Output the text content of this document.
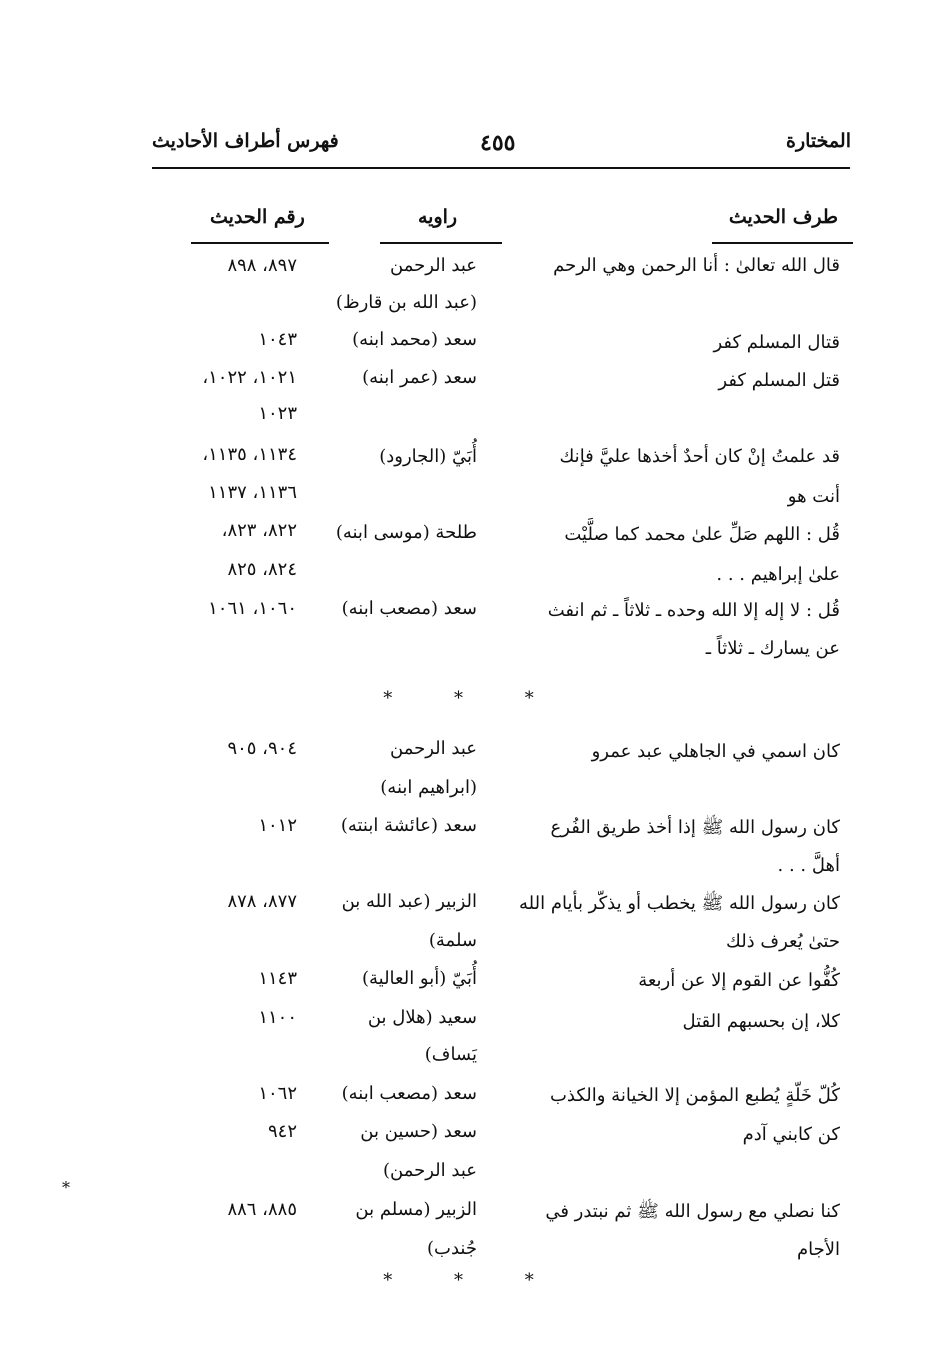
المختارة
٤٥٥
فهرس أطراف الأحاديث
طرف الحديث
راويه
رقم الحديث
قال الله تعالىٰ : أنا الرحمن وهي الرحم
عبد الرحمن
(عبد الله بن قارظ)
٨٩٧، ٨٩٨
قتال المسلم كفر
سعد (محمد ابنه)
١٠٤٣
قتل المسلم كفر
سعد (عمر ابنه)
١٠٢١، ١٠٢٢،
١٠٢٣
قد علمتُ إنْ كان أحدٌ أخذها عليَّ فإنك
أنت هو
أُبَيّ (الجارود)
١١٣٤، ١١٣٥،
١١٣٦، ١١٣٧
قُل : اللهم صَلِّ علىٰ محمد كما صلَّيْت
علىٰ إبراهيم . . .
طلحة (موسى ابنه)
٨٢٢، ٨٢٣،
٨٢٤، ٨٢٥
قُل : لا إله إلا الله وحده ـ ثلاثاً ـ ثم انفث
عن يسارك ـ ثلاثاً ـ
سعد (مصعب ابنه)
١٠٦٠، ١٠٦١
* * *
كان اسمي في الجاهلي عبد عمرو
عبد الرحمن
(ابراهيم ابنه)
٩٠٤، ٩٠٥
كان رسول الله ﷺ إذا أخذ طريق الفُرع
أهلَّ . . .
سعد (عائشة ابنته)
١٠١٢
كان رسول الله ﷺ يخطب أو يذكّر بأيام الله
حتىٰ يُعرف ذلك
الزبير (عبد الله بن
سلمة)
٨٧٧، ٨٧٨
كُفُّوا عن القوم إلا عن أربعة
أُبَيّ (أبو العالية)
١١٤٣
كلا، إن بحسبهم القتل
سعيد (هلال بن
يَساف)
١١٠٠
كُلّ خَلّةٍ يُطبع المؤمن إلا الخيانة والكذب
سعد (مصعب ابنه)
١٠٦٢
كن كابني آدم
سعد (حسين بن
عبد الرحمن)
٩٤٢
كنا نصلي مع رسول الله ﷺ ثم نبتدر في
الأجام
الزبير (مسلم بن
جُندب)
٨٨٥، ٨٨٦
* * *
*
